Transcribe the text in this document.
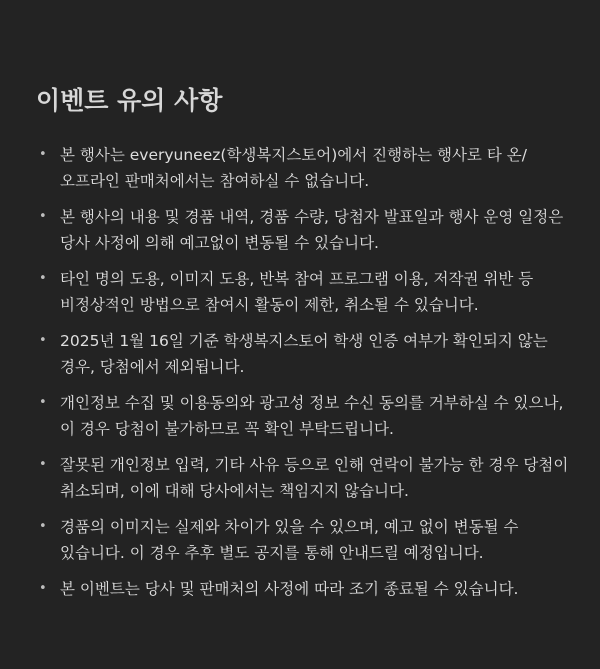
이벤트 유의 사항
• 본 행사는 everyuneez(학생복지스토어)에서 진행하는 행사로 타 온/오프라인 판매처에서는 참여하실 수 없습니다.
• 본 행사의 내용 및 경품 내역, 경품 수량, 당첨자 발표일과 행사 운영 일정은 당사 사정에 의해 예고없이 변동될 수 있습니다.
• 타인 명의 도용, 이미지 도용, 반복 참여 프로그램 이용, 저작권 위반 등 비정상적인 방법으로 참여시 활동이 제한, 취소될 수 있습니다.
• 2025년 1월 16일 기준 학생복지스토어 학생 인증 여부가 확인되지 않는 경우, 당첨에서 제외됩니다.
• 개인정보 수집 및 이용동의와 광고성 정보 수신 동의를 거부하실 수 있으나, 이 경우 당첨이 불가하므로 꼭 확인 부탁드립니다.
• 잘못된 개인정보 입력, 기타 사유 등으로 인해 연락이 불가능 한 경우 당첨이 취소되며, 이에 대해 당사에서는 책임지지 않습니다.
• 경품의 이미지는 실제와 차이가 있을 수 있으며, 예고 없이 변동될 수 있습니다. 이 경우 추후 별도 공지를 통해 안내드릴 예정입니다.
• 본 이벤트는 당사 및 판매처의 사정에 따라 조기 종료될 수 있습니다.
